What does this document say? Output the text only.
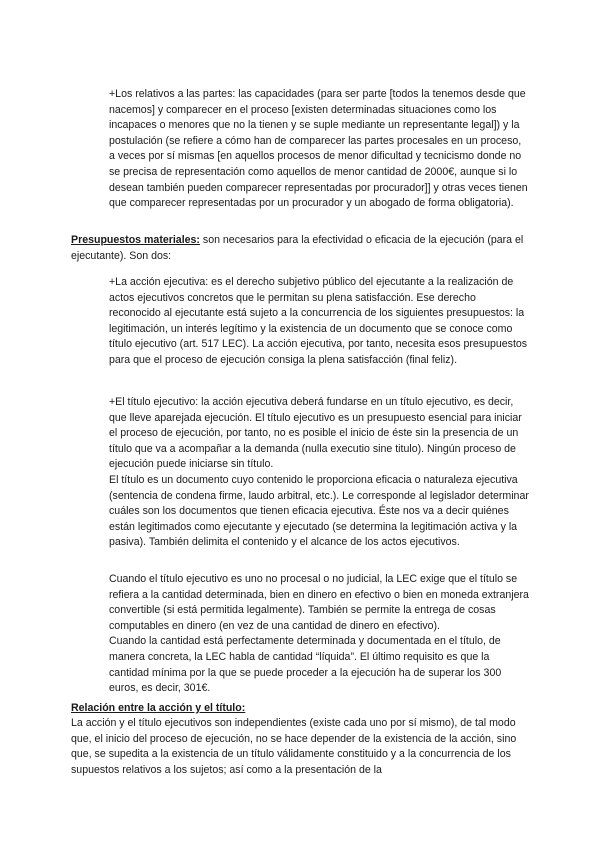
+Los relativos a las partes: las capacidades (para ser parte [todos la tenemos desde que nacemos] y comparecer en el proceso [existen determinadas situaciones como los incapaces o menores que no la tienen y se suple mediante un representante legal]) y la postulación (se refiere a cómo han de comparecer las partes procesales en un proceso, a veces por sí mismas [en aquellos procesos de menor dificultad y tecnicismo donde no se precisa de representación como aquellos de menor cantidad de 2000€, aunque si lo desean también pueden comparecer representadas por procurador]] y otras veces tienen que comparecer representadas por un procurador y un abogado de forma obligatoria).

Presupuestos materiales: son necesarios para la efectividad o eficacia de la ejecución (para el ejecutante). Son dos:

+La acción ejecutiva: es el derecho subjetivo público del ejecutante a la realización de actos ejecutivos concretos que le permitan su plena satisfacción. Ese derecho reconocido al ejecutante está sujeto a la concurrencia de los siguientes presupuestos: la legitimación, un interés legítimo y la existencia de un documento que se conoce como título ejecutivo (art. 517 LEC). La acción ejecutiva, por tanto, necesita esos presupuestos para que el proceso de ejecución consiga la plena satisfacción (final feliz).

+El título ejecutivo: la acción ejecutiva deberá fundarse en un título ejecutivo, es decir, que lleve aparejada ejecución. El título ejecutivo es un presupuesto esencial para iniciar el proceso de ejecución, por tanto, no es posible el inicio de éste sin la presencia de un título que va a acompañar a la demanda (nulla executio sine titulo). Ningún proceso de ejecución puede iniciarse sin título.
El título es un documento cuyo contenido le proporciona eficacia o naturaleza ejecutiva (sentencia de condena firme, laudo arbitral, etc.). Le corresponde al legislador determinar cuáles son los documentos que tienen eficacia ejecutiva. Éste nos va a decir quiénes están legitimados como ejecutante y ejecutado (se determina la legitimación activa y la pasiva). También delimita el contenido y el alcance de los actos ejecutivos.

Cuando el título ejecutivo es uno no procesal o no judicial, la LEC exige que el título se refiera a la cantidad determinada, bien en dinero en efectivo o bien en moneda extranjera convertible (si está permitida legalmente). También se permite la entrega de cosas computables en dinero (en vez de una cantidad de dinero en efectivo).
Cuando la cantidad está perfectamente determinada y documentada en el título, de manera concreta, la LEC habla de cantidad “líquida”. El último requisito es que la cantidad mínima por la que se puede proceder a la ejecución ha de superar los 300 euros, es decir, 301€.

Relación entre la acción y el título:

La acción y el título ejecutivos son independientes (existe cada uno por sí mismo), de tal modo que, el inicio del proceso de ejecución, no se hace depender de la existencia de la acción, sino que, se supedita a la existencia de un título válidamente constituido y a la concurrencia de los supuestos relativos a los sujetos; así como a la presentación de la
